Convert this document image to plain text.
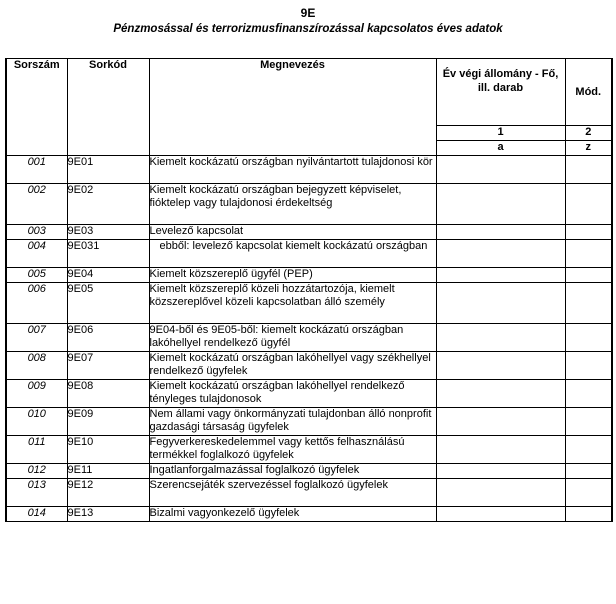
9E
Pénzmosással és terrorizmusfinanszírozással kapcsolatos éves adatok
Sorszám	Sorkód	Megnevezés	Év végi állomány - Fő, ill. darab	Mód.
			1	2
			a	z
001	9E01	Kiemelt kockázatú országban nyilvántartott tulajdonosi kör		
002	9E02	Kiemelt kockázatú országban bejegyzett képviselet, fióktelep vagy tulajdonosi érdekeltség		
003	9E03	Levelező kapcsolat		
004	9E031	ebből: levelező kapcsolat kiemelt kockázatú országban		
005	9E04	Kiemelt közszereplő ügyfél (PEP)		
006	9E05	Kiemelt közszereplő közeli hozzátartozója, kiemelt közszereplővel közeli kapcsolatban álló személy		
007	9E06	9E04-ből és 9E05-ből: kiemelt kockázatú országban lakóhellyel rendelkező ügyfél		
008	9E07	Kiemelt kockázatú országban lakóhellyel vagy székhellyel rendelkező ügyfelek		
009	9E08	Kiemelt kockázatú országban lakóhellyel rendelkező tényleges tulajdonosok		
010	9E09	Nem állami vagy önkormányzati tulajdonban álló nonprofit gazdasági társaság ügyfelek		
011	9E10	Fegyverkereskedelemmel vagy kettős felhasználású termékkel foglalkozó ügyfelek		
012	9E11	Ingatlanforgalmazással foglalkozó ügyfelek		
013	9E12	Szerencsejáték szervezéssel foglalkozó ügyfelek		
014	9E13	Bizalmi vagyonkezelő ügyfelek		
